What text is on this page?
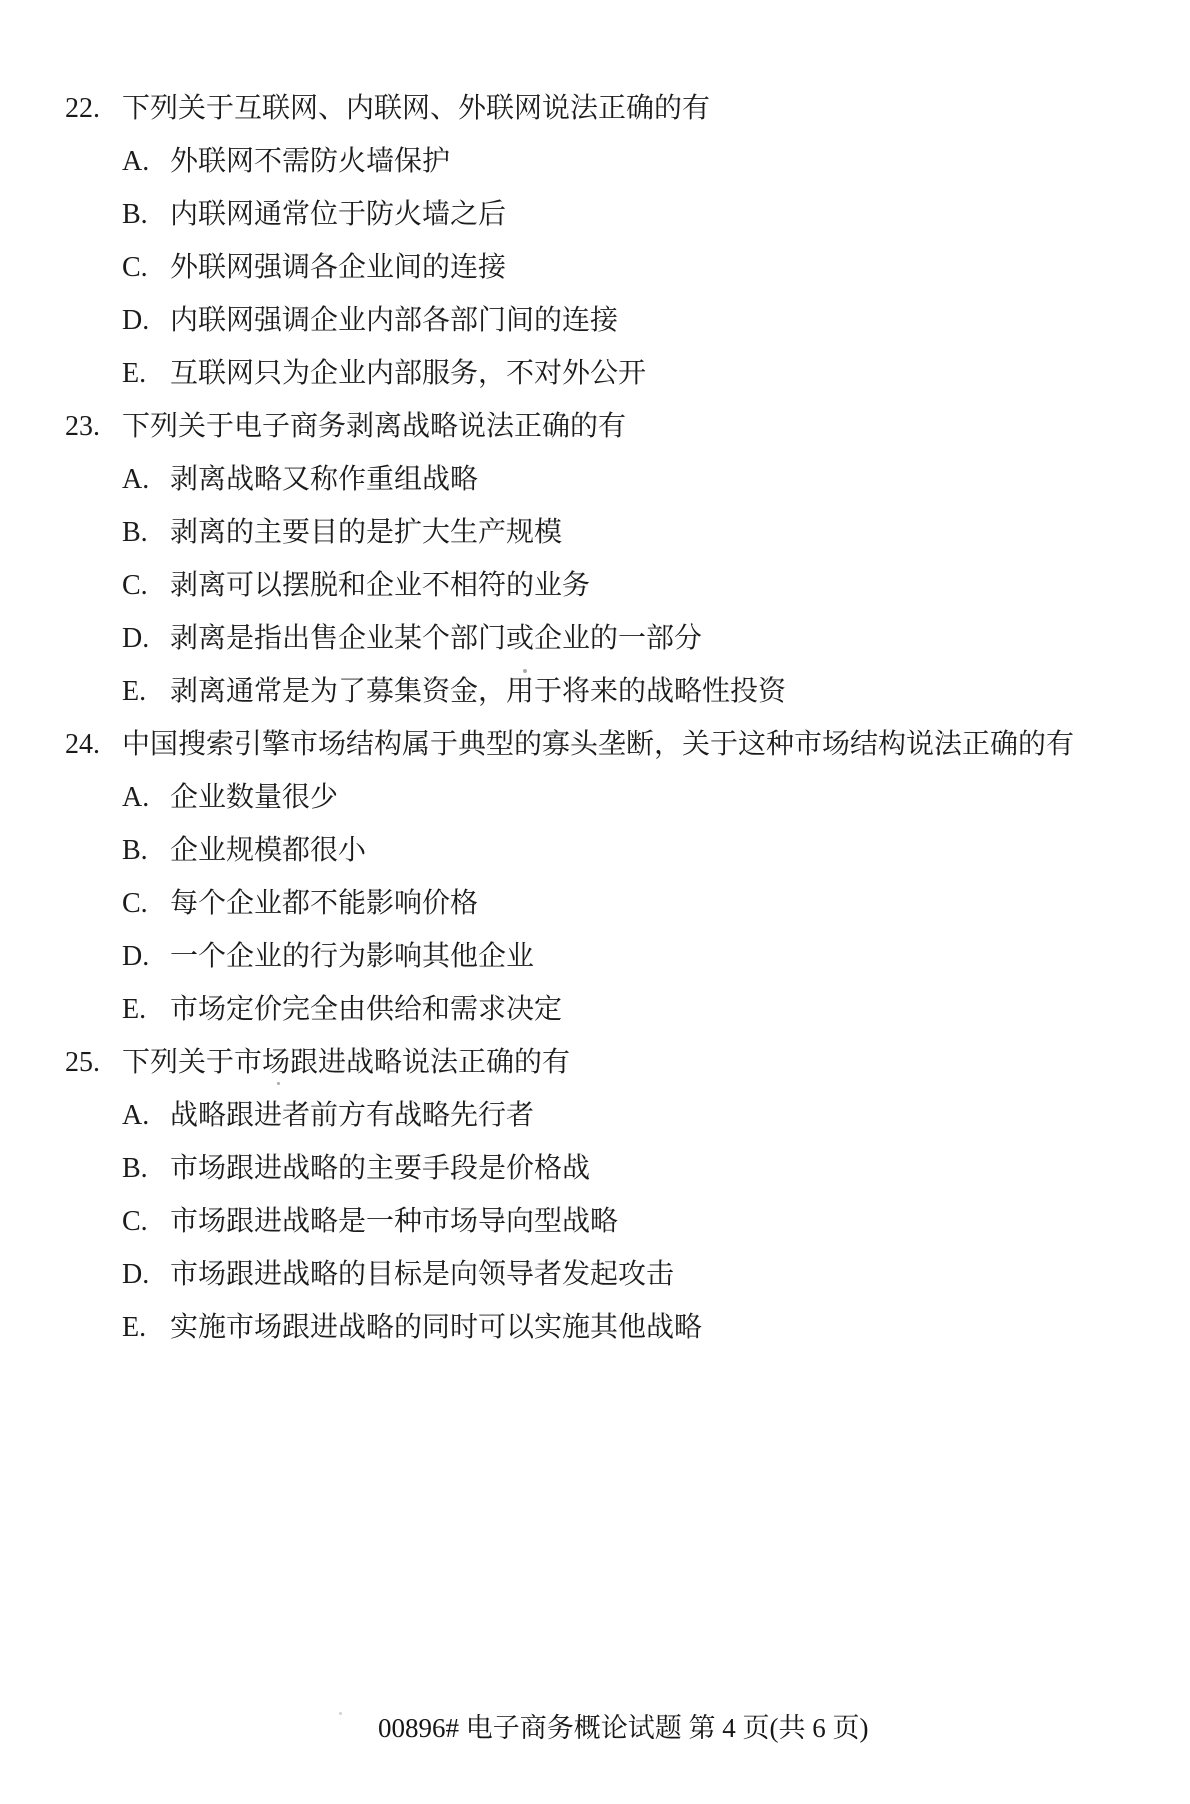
22. 下列关于互联网、内联网、外联网说法正确的有
A. 外联网不需防火墙保护
B. 内联网通常位于防火墙之后
C. 外联网强调各企业间的连接
D. 内联网强调企业内部各部门间的连接
E. 互联网只为企业内部服务，不对外公开
23. 下列关于电子商务剥离战略说法正确的有
A. 剥离战略又称作重组战略
B. 剥离的主要目的是扩大生产规模
C. 剥离可以摆脱和企业不相符的业务
D. 剥离是指出售企业某个部门或企业的一部分
E. 剥离通常是为了募集资金，用于将来的战略性投资
24. 中国搜索引擎市场结构属于典型的寡头垄断，关于这种市场结构说法正确的有
A. 企业数量很少
B. 企业规模都很小
C. 每个企业都不能影响价格
D. 一个企业的行为影响其他企业
E. 市场定价完全由供给和需求决定
25. 下列关于市场跟进战略说法正确的有
A. 战略跟进者前方有战略先行者
B. 市场跟进战略的主要手段是价格战
C. 市场跟进战略是一种市场导向型战略
D. 市场跟进战略的目标是向领导者发起攻击
E. 实施市场跟进战略的同时可以实施其他战略
00896# 电子商务概论试题 第 4 页(共 6 页)
